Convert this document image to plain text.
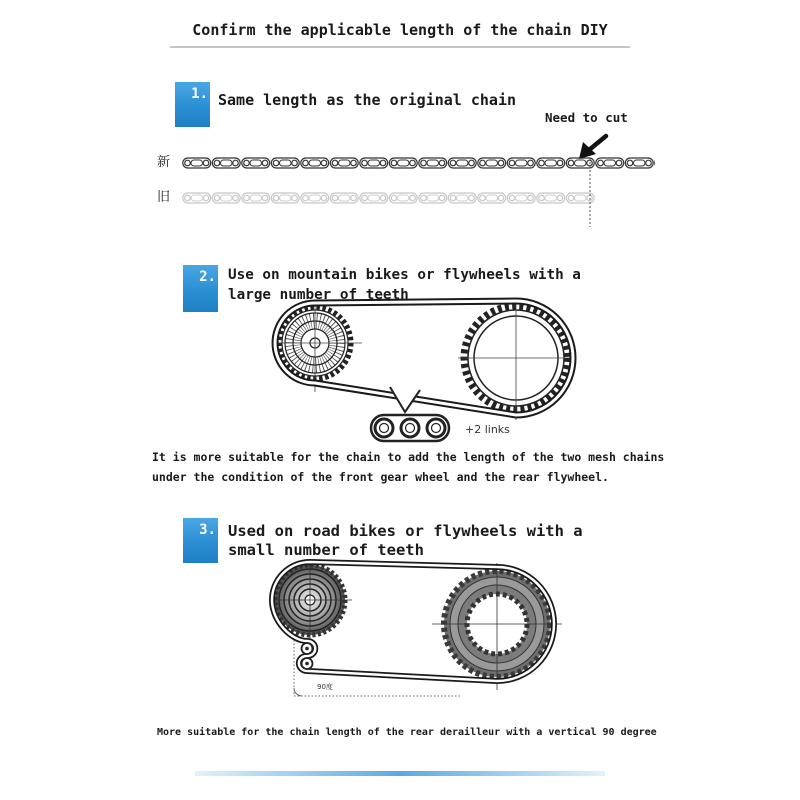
Confirm the applicable length of the chain DIY
1. Same length as the original chain
Need to cut
新
旧
2. Use on mountain bikes or flywheels with a
large number of teeth
+2 links
It is more suitable for the chain to add the length of the two mesh chains
under the condition of the front gear wheel and the rear flywheel.
3. Used on road bikes or flywheels with a
small number of teeth
90度
More suitable for the chain length of the rear derailleur with a vertical 90 degree
